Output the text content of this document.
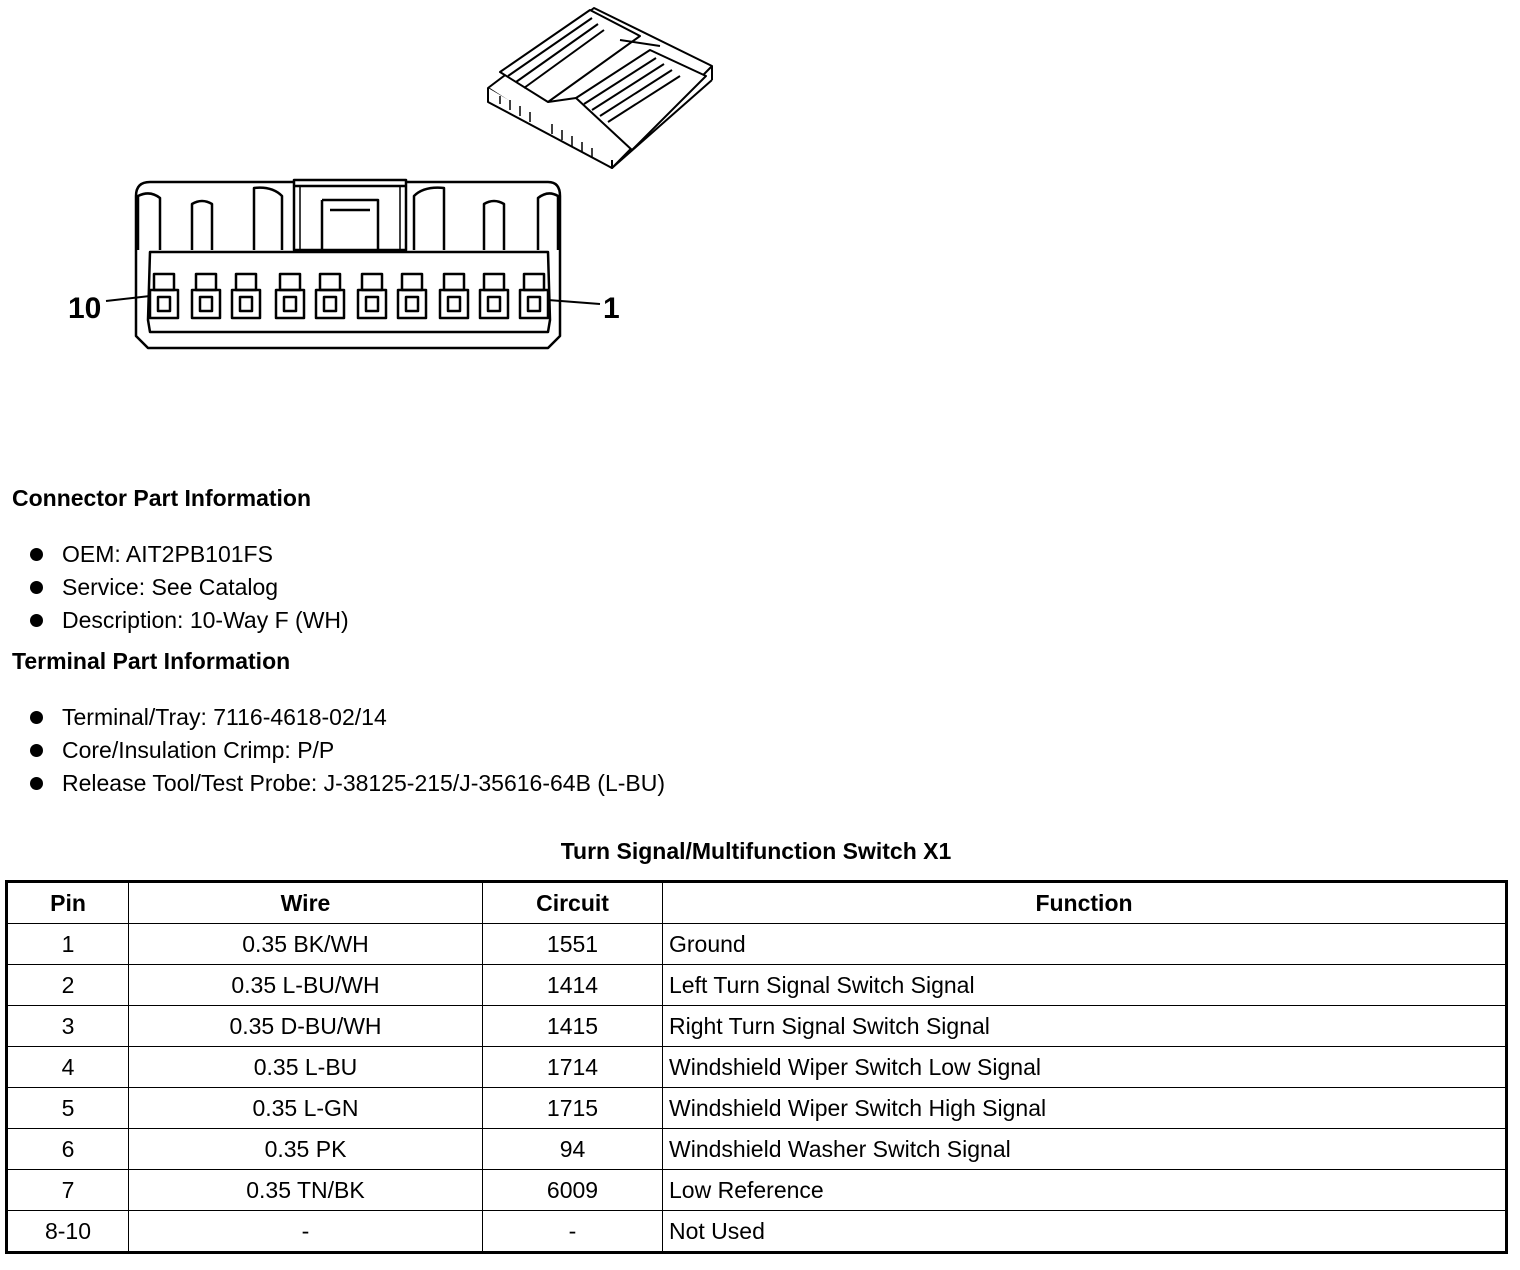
10	1
Connector Part Information
OEM: AIT2PB101FS
Service: See Catalog
Description: 10-Way F (WH)
Terminal Part Information
Terminal/Tray: 7116-4618-02/14
Core/Insulation Crimp: P/P
Release Tool/Test Probe: J-38125-215/J-35616-64B (L-BU)
Turn Signal/Multifunction Switch X1
Pin	Wire	Circuit	Function
1	0.35 BK/WH	1551	Ground
2	0.35 L-BU/WH	1414	Left Turn Signal Switch Signal
3	0.35 D-BU/WH	1415	Right Turn Signal Switch Signal
4	0.35 L-BU	1714	Windshield Wiper Switch Low Signal
5	0.35 L-GN	1715	Windshield Wiper Switch High Signal
6	0.35 PK	94	Windshield Washer Switch Signal
7	0.35 TN/BK	6009	Low Reference
8-10	-	-	Not Used
